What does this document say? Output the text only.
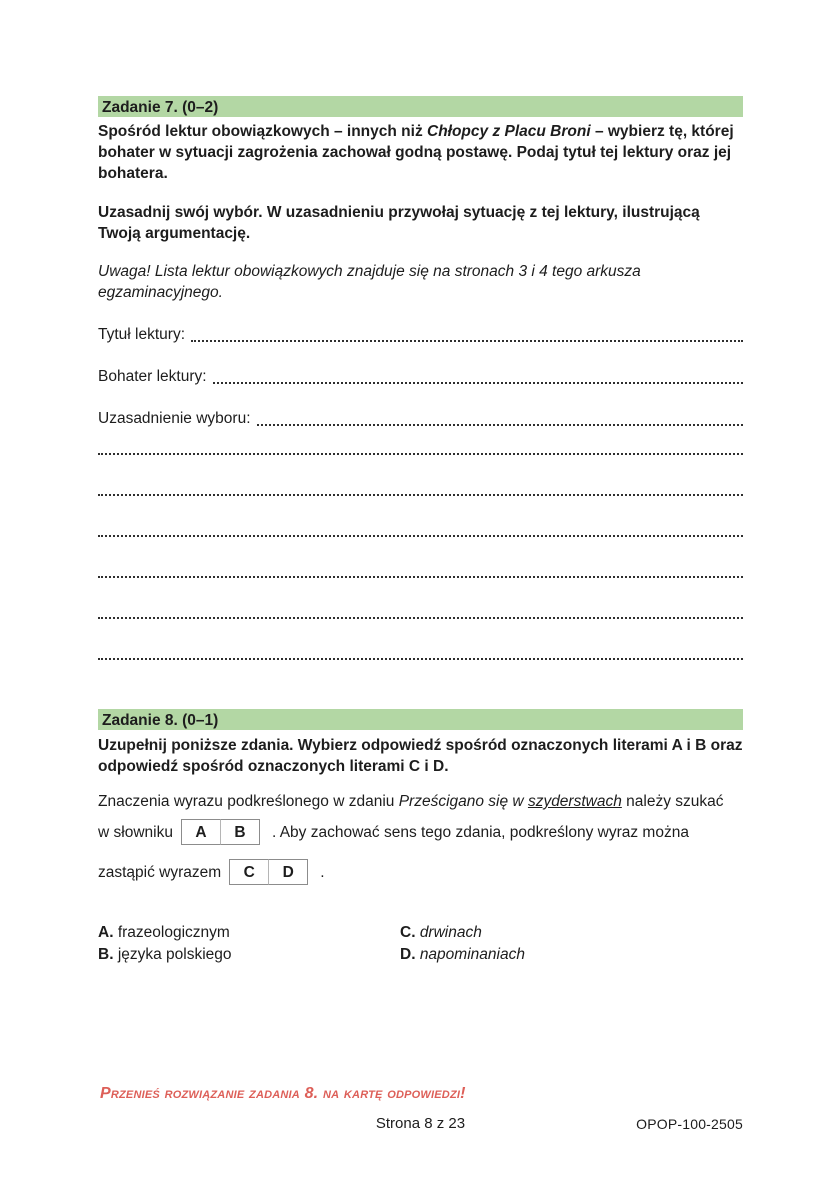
Zadanie 7. (0–2)

Spośród lektur obowiązkowych – innych niż Chłopcy z Placu Broni – wybierz tę, której bohater w sytuacji zagrożenia zachował godną postawę. Podaj tytuł tej lektury oraz jej bohatera.

Uzasadnij swój wybór. W uzasadnieniu przywołaj sytuację z tej lektury, ilustrującą Twoją argumentację.

Uwaga! Lista lektur obowiązkowych znajduje się na stronach 3 i 4 tego arkusza egzaminacyjnego.

Tytuł lektury:
Bohater lektury:
Uzasadnienie wyboru:
Zadanie 8. (0–1)

Uzupełnij poniższe zdania. Wybierz odpowiedź spośród oznaczonych literami A i B oraz odpowiedź spośród oznaczonych literami C i D.

Znaczenia wyrazu podkreślonego w zdaniu Prześcigano się w szyderstwach należy szukać

w słowniku	A	B	. Aby zachować sens tego zdania, podkreślony wyraz można
zastąpić wyrazem	C	D	.
A. frazeologicznym	C. drwinach
B. języka polskiego	D. napominaniach
Przenieś rozwiązanie zadania 8. na kartę odpowiedzi!
Strona 8 z 23	OPOP-100-2505
